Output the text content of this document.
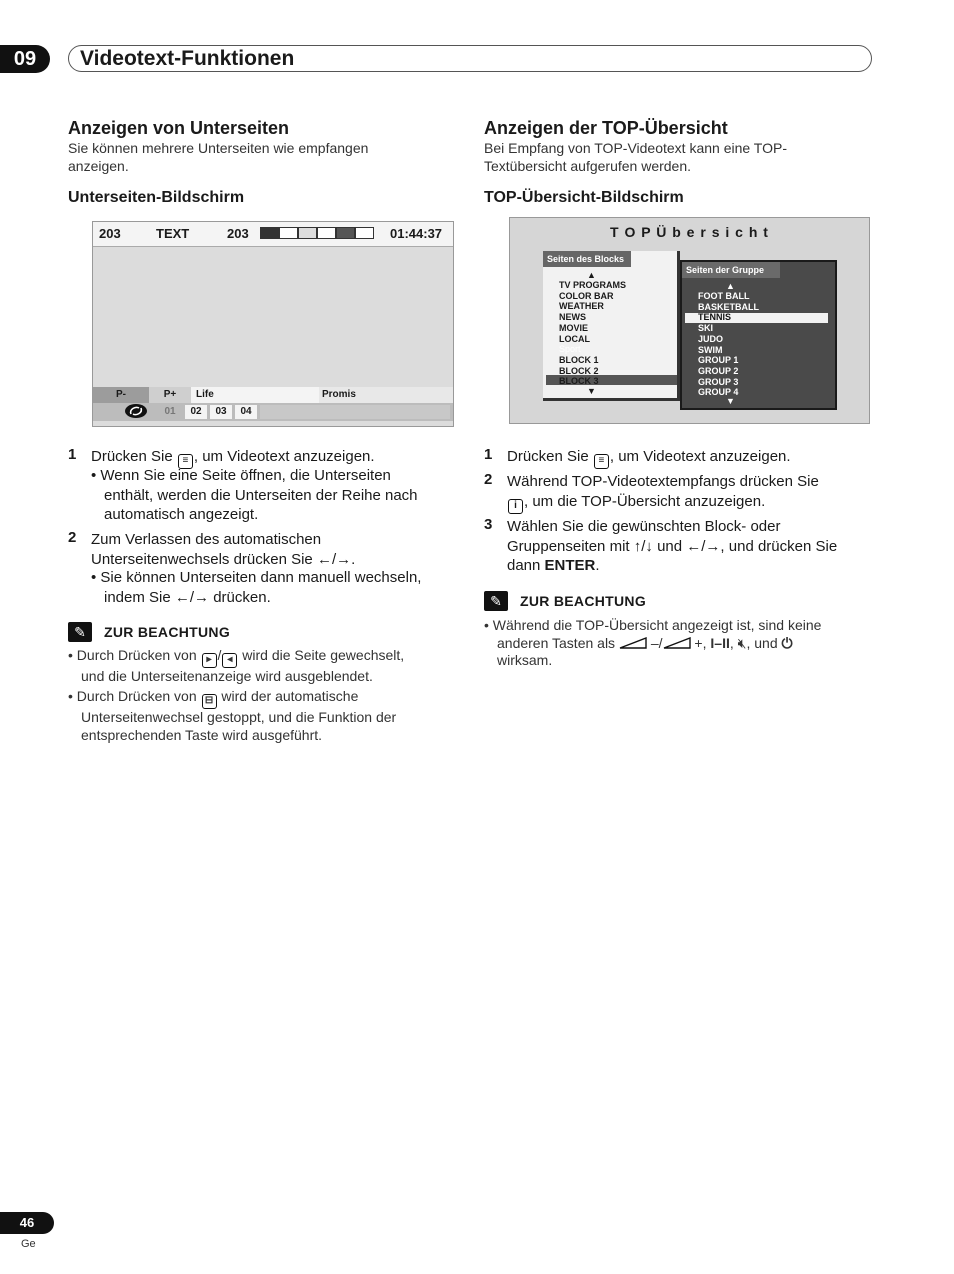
09	Videotext-Funktionen
Anzeigen von Unterseiten
Sie können mehrere Unterseiten wie empfangen
anzeigen.
Unterseiten-Bildschirm
203	TEXT	203	01:44:37
P-	P+	Life	Promis
01	02	03	04
1 Drücken Sie ≡ , um Videotext anzuzeigen.
• Wenn Sie eine Seite öffnen, die Unterseiten
enthält, werden die Unterseiten der Reihe nach
automatisch angezeigt.
2 Zum Verlassen des automatischen
Unterseitenwechsels drücken Sie ←/→.
• Sie können Unterseiten dann manuell wechseln,
indem Sie ←/→ drücken.
✎	ZUR BEACHTUNG
• Durch Drücken von ▸ / ◂ wird die Seite gewechselt,
und die Unterseitenanzeige wird ausgeblendet.
• Durch Drücken von ⊟ wird der automatische
Unterseitenwechsel gestoppt, und die Funktion der
entsprechenden Taste wird ausgeführt.
Anzeigen der TOP-Übersicht
Bei Empfang von TOP-Videotext kann eine TOP-
Textübersicht aufgerufen werden.
TOP-Übersicht-Bildschirm
T O P Ü b e r s i c h t
Seiten des Blocks
▲
TV PROGRAMS
COLOR BAR
WEATHER
NEWS
MOVIE
LOCAL
Sport
BLOCK 1
BLOCK 2
BLOCK 3
▼
Seiten der Gruppe
▲
FOOT BALL
BASKETBALL
TENNIS
SKI
JUDO
SWIM
GROUP 1
GROUP 2
GROUP 3
GROUP 4
▼
1 Drücken Sie ≡ , um Videotext anzuzeigen.
2 Während TOP-Videotextempfangs drücken Sie
i , um die TOP-Übersicht anzuzeigen.
3 Wählen Sie die gewünschten Block- oder
Gruppenseiten mit ↑/↓ und ←/→, und drücken Sie
dann ENTER.
✎	ZUR BEACHTUNG
• Während die TOP-Übersicht angezeigt ist, sind keine
anderen Tasten als  –/ +, I–II, 🔇︎, und ⏻
wirksam.
46
Ge
